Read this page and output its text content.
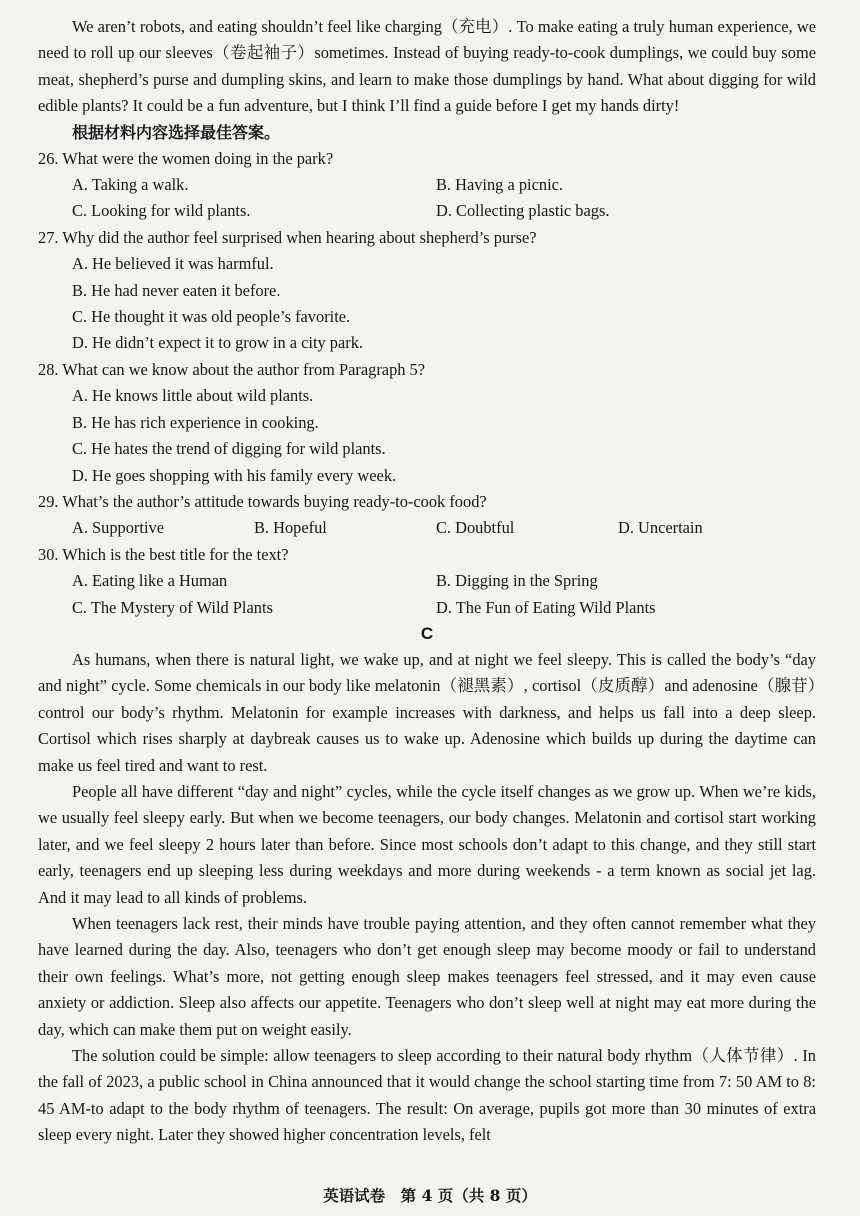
We aren’t robots, and eating shouldn’t feel like charging（充电）. To make eating a truly human experience, we need to roll up our sleeves（卷起袖子）sometimes. Instead of buying ready-to-cook dumplings, we could buy some meat, shepherd’s purse and dumpling skins, and learn to make those dumplings by hand. What about digging for wild edible plants? It could be a fun adventure, but I think I’ll find a guide before I get my hands dirty!

根据材料内容选择最佳答案。
26. What were the women doing in the park?
A. Taking a walk.	B. Having a picnic.
C. Looking for wild plants.	D. Collecting plastic bags.
27. Why did the author feel surprised when hearing about shepherd’s purse?
A. He believed it was harmful.
B. He had never eaten it before.
C. He thought it was old people’s favorite.
D. He didn’t expect it to grow in a city park.
28. What can we know about the author from Paragraph 5?
A. He knows little about wild plants.
B. He has rich experience in cooking.
C. He hates the trend of digging for wild plants.
D. He goes shopping with his family every week.
29. What’s the author’s attitude towards buying ready-to-cook food?
A. Supportive	B. Hopeful	C. Doubtful	D. Uncertain
30. Which is the best title for the text?
A. Eating like a Human	B. Digging in the Spring
C. The Mystery of Wild Plants	D. The Fun of Eating Wild Plants
C

As humans, when there is natural light, we wake up, and at night we feel sleepy. This is called the body’s “day and night” cycle. Some chemicals in our body like melatonin（褪黑素）, cortisol（皮质醇）and adenosine（腺苷）control our body’s rhythm. Melatonin for example increases with darkness, and helps us fall into a deep sleep. Cortisol which rises sharply at daybreak causes us to wake up. Adenosine which builds up during the daytime can make us feel tired and want to rest.

People all have different “day and night” cycles, while the cycle itself changes as we grow up. When we’re kids, we usually feel sleepy early. But when we become teenagers, our body changes. Melatonin and cortisol start working later, and we feel sleepy 2 hours later than before. Since most schools don’t adapt to this change, and they still start early, teenagers end up sleeping less during weekdays and more during weekends - a term known as social jet lag. And it may lead to all kinds of problems.

When teenagers lack rest, their minds have trouble paying attention, and they often cannot remember what they have learned during the day. Also, teenagers who don’t get enough sleep may become moody or fail to understand their own feelings. What’s more, not getting enough sleep makes teenagers feel stressed, and it may even cause anxiety or addiction. Sleep also affects our appetite. Teenagers who don’t sleep well at night may eat more during the day, which can make them put on weight easily.

The solution could be simple: allow teenagers to sleep according to their natural body rhythm（人体节律）. In the fall of 2023, a public school in China announced that it would change the school starting time from 7: 50 AM to 8: 45 AM-to adapt to the body rhythm of teenagers. The result: On average, pupils got more than 30 minutes of extra sleep every night. Later they showed higher concentration levels, felt

英语试卷　第 4 页（共 8 页）
